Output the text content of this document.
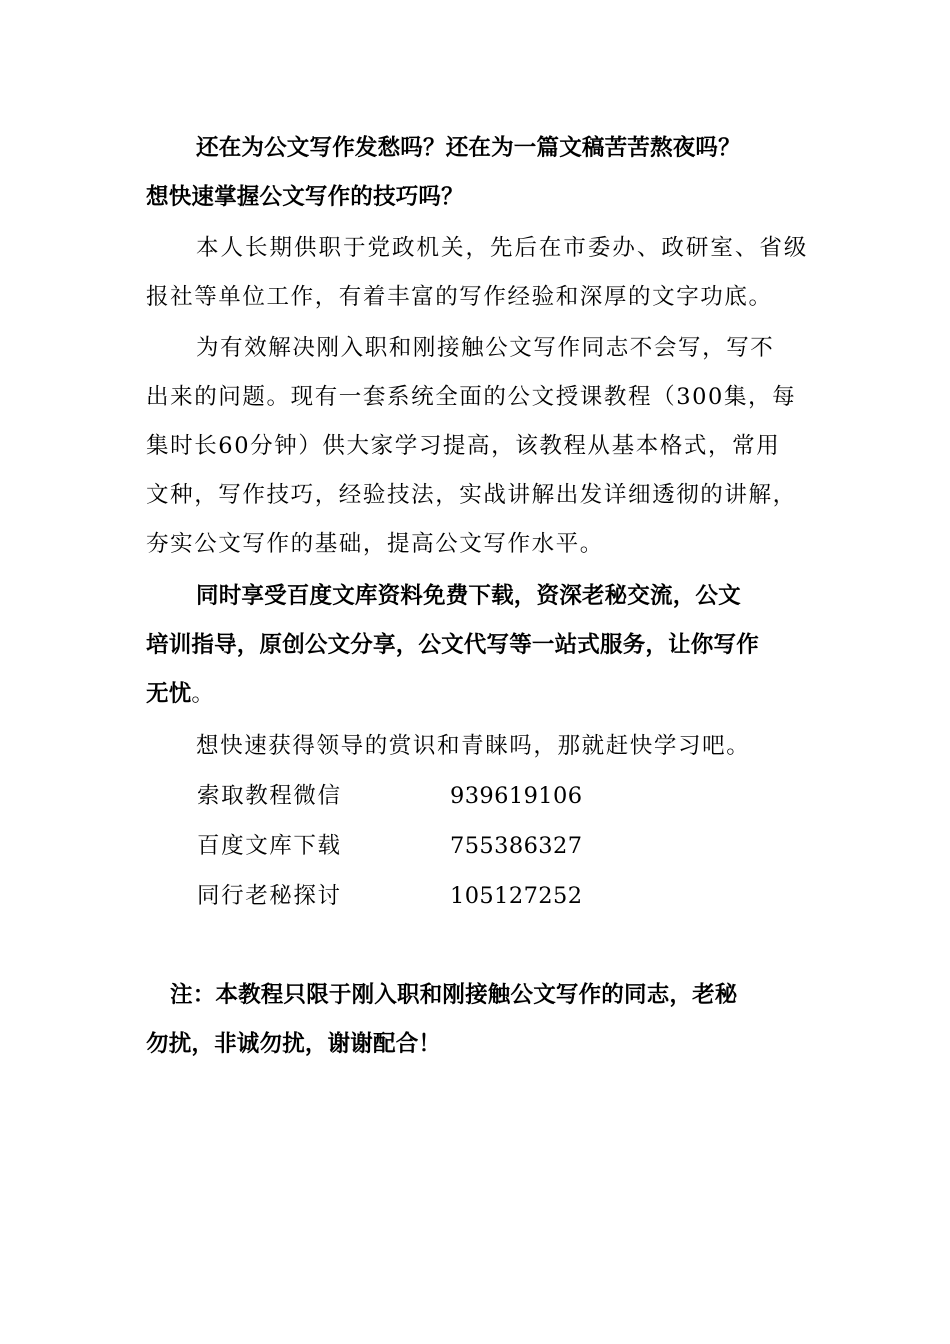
还在为公文写作发愁吗？还在为一篇文稿苦苦熬夜吗？
想快速掌握公文写作的技巧吗？

本人长期供职于党政机关，先后在市委办、政研室、省级报社等单位工作，有着丰富的写作经验和深厚的文字功底。

为有效解决刚入职和刚接触公文写作同志不会写，写不
出来的问题。现有一套系统全面的公文授课教程（300集，每
集时长60分钟）供大家学习提高，该教程从基本格式，常用
文种，写作技巧，经验技法，实战讲解出发详细透彻的讲解，
夯实公文写作的基础，提高公文写作水平。

同时享受百度文库资料免费下载，资深老秘交流，公文
培训指导，原创公文分享，公文代写等一站式服务，让你写作
无忧。

想快速获得领导的赏识和青睐吗，那就赶快学习吧。

索取教程微信	939619106
百度文库下载	755386327
同行老秘探讨	105127252

注：本教程只限于刚入职和刚接触公文写作的同志，老秘
勿扰，非诚勿扰，谢谢配合！
